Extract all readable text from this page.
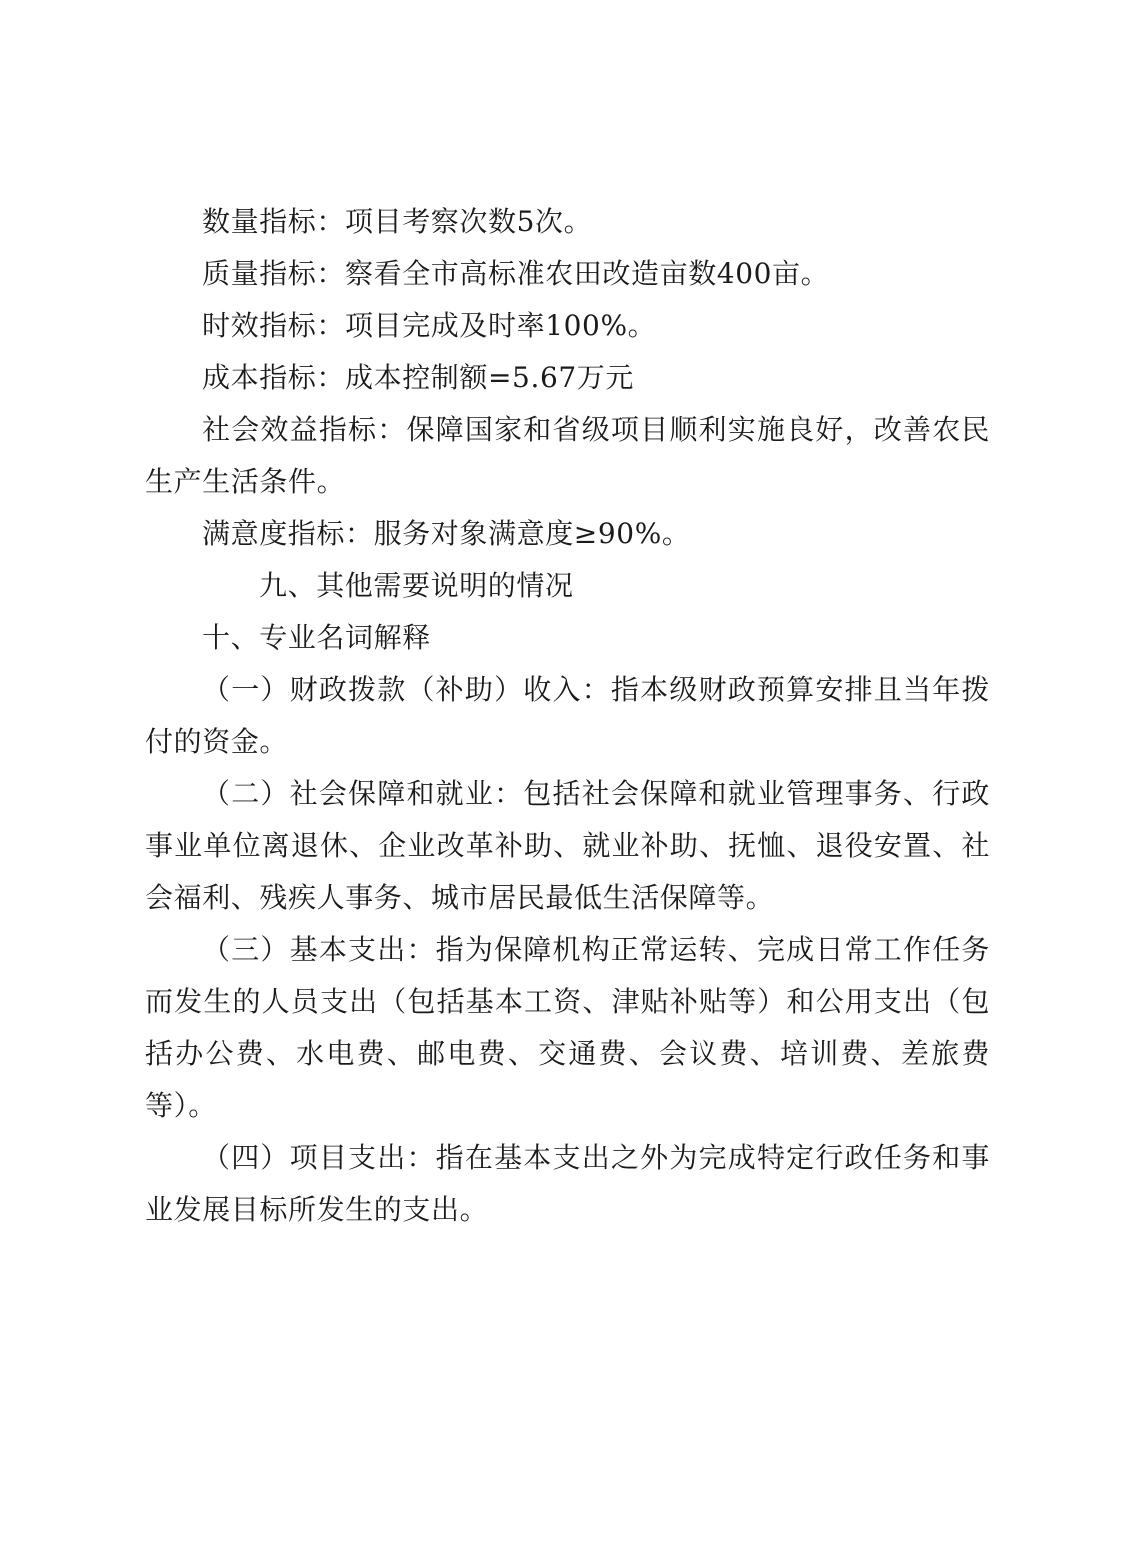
数量指标：项目考察次数5次。

质量指标：察看全市高标准农田改造亩数400亩。

时效指标：项目完成及时率100%。

成本指标：成本控制额=5.67万元

社会效益指标：保障国家和省级项目顺利实施良好，改善农民生产生活条件。

满意度指标：服务对象满意度≥90%。

九、其他需要说明的情况
十、专业名词解释

（一）财政拨款（补助）收入：指本级财政预算安排且当年拨付的资金。

（二）社会保障和就业：包括社会保障和就业管理事务、行政事业单位离退休、企业改革补助、就业补助、抚恤、退役安置、社会福利、残疾人事务、城市居民最低生活保障等。

（三）基本支出：指为保障机构正常运转、完成日常工作任务而发生的人员支出（包括基本工资、津贴补贴等）和公用支出（包括办公费、水电费、邮电费、交通费、会议费、培训费、差旅费等）。

（四）项目支出：指在基本支出之外为完成特定行政任务和事业发展目标所发生的支出。
